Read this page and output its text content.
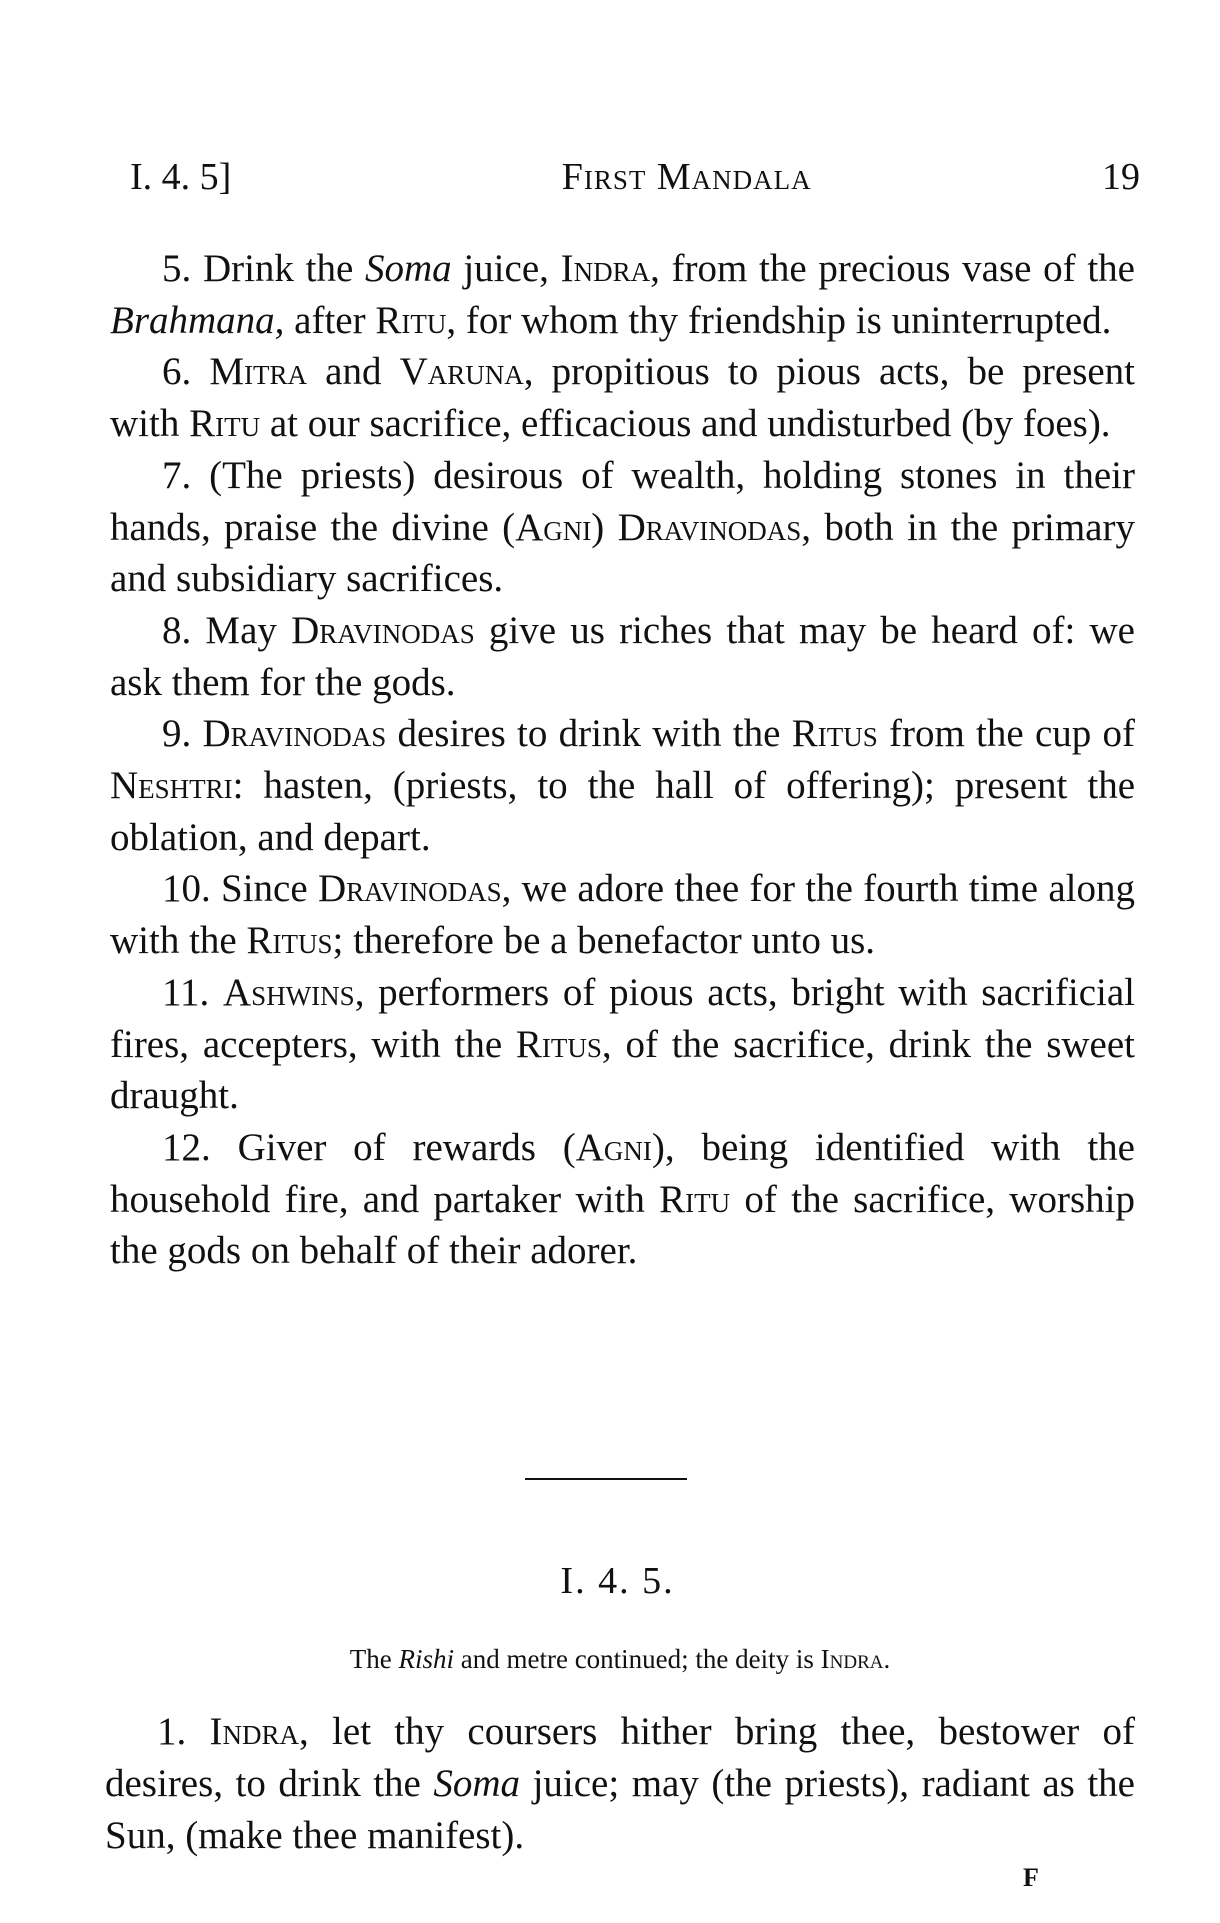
I. 4. 5]	First Mandala	19

5. Drink the Soma juice, Indra, from the precious vase of the Brahmana, after Ritu, for whom thy friendship is uninterrupted.

6. Mitra and Varuna, propitious to pious acts, be present with Ritu at our sacrifice, efficacious and undisturbed (by foes).

7. (The priests) desirous of wealth, holding stones in their hands, praise the divine (Agni) Dravinodas, both in the primary and subsidiary sacrifices.

8. May Dravinodas give us riches that may be heard of: we ask them for the gods.

9. Dravinodas desires to drink with the Ritus from the cup of Neshtri: hasten, (priests, to the hall of offering); present the oblation, and depart.

10. Since Dravinodas, we adore thee for the fourth time along with the Ritus; therefore be a benefactor unto us.

11. Ashwins, performers of pious acts, bright with sacrificial fires, accepters, with the Ritus, of the sacrifice, drink the sweet draught.

12. Giver of rewards (Agni), being identified with the household fire, and partaker with Ritu of the sacrifice, worship the gods on behalf of their adorer.

I. 4. 5.
The Rishi and metre continued; the deity is Indra.

1. Indra, let thy coursers hither bring thee, bestower of desires, to drink the Soma juice; may (the priests), radiant as the Sun, (make thee manifest).

F
